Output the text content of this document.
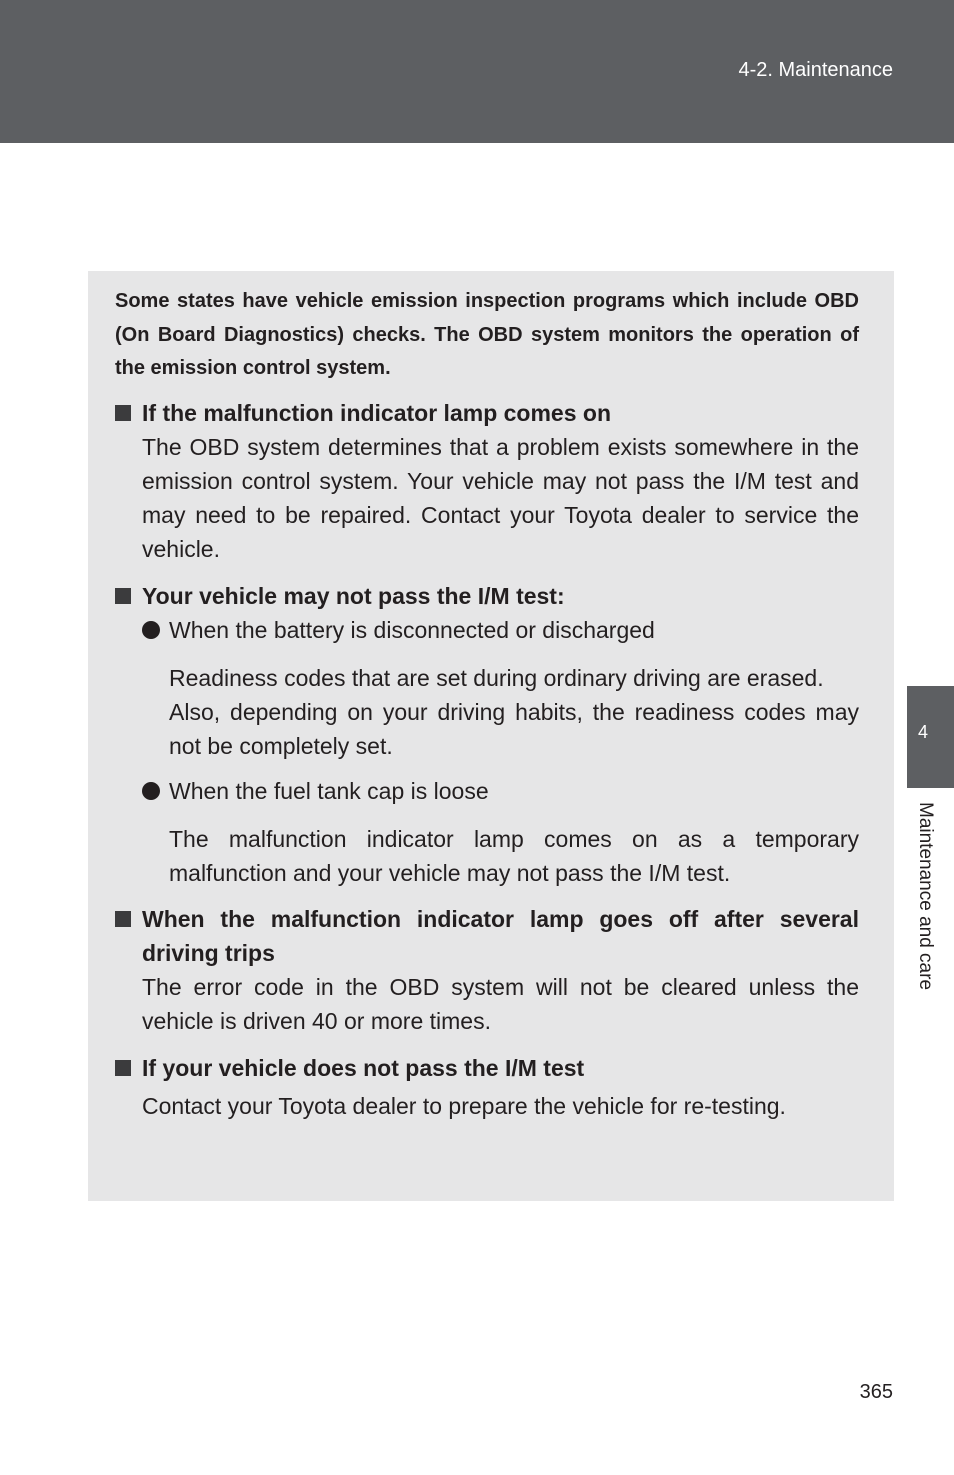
4-2. Maintenance
4
Maintenance and care

Some states have vehicle emission inspection programs which include OBD (On Board Diagnostics) checks. The OBD system monitors the operation of the emission control system.

If the malfunction indicator lamp comes on

The OBD system determines that a problem exists somewhere in the emission control system. Your vehicle may not pass the I/M test and may need to be repaired. Contact your Toyota dealer to service the vehicle.

Your vehicle may not pass the I/M test:

When the battery is disconnected or discharged

Readiness codes that are set during ordinary driving are erased.

Also, depending on your driving habits, the readiness codes may not be completely set.

When the fuel tank cap is loose

The malfunction indicator lamp comes on as a temporary malfunction and your vehicle may not pass the I/M test.

When the malfunction indicator lamp goes off after several driving trips

The error code in the OBD system will not be cleared unless the vehicle is driven 40 or more times.

If your vehicle does not pass the I/M test

Contact your Toyota dealer to prepare the vehicle for re-testing.

365
